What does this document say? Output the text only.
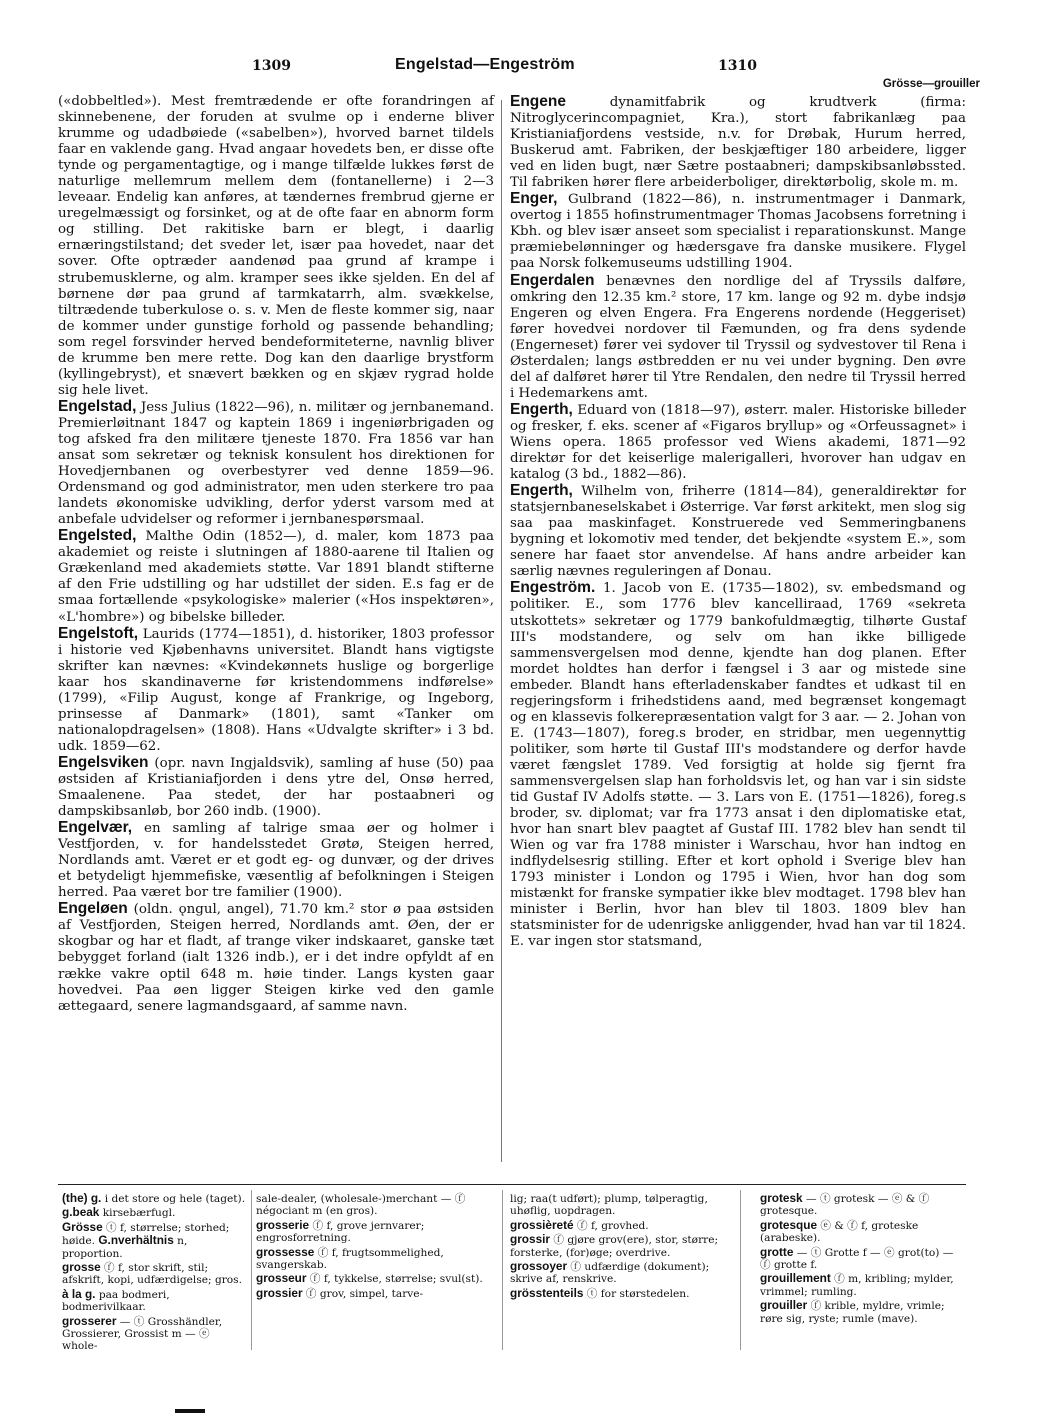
1309	Engelstad—Engeström	1310
Grösse—grouiller

(«dobbeltled»). Mest fremtrædende er ofte forandringen af skinnebenene, der foruden at svulme op i enderne bliver krumme og udadbøiede («sabelben»), hvorved barnet tildels faar en vaklende gang. Hvad angaar hovedets ben, er disse ofte tynde og pergamentagtige, og i mange tilfælde lukkes først de naturlige mellemrum mellem dem (fontanellerne) i 2—3 leveaar. Endelig kan anføres, at tændernes frembrud gjerne er uregelmæssigt og forsinket, og at de ofte faar en abnorm form og stilling. Det rakitiske barn er blegt, i daarlig ernæringstilstand; det sveder let, især paa hovedet, naar det sover. Ofte optræder aandenød paa grund af krampe i strubemusklerne, og alm. kramper sees ikke sjelden. En del af børnene dør paa grund af tarmkatarrh, alm. svækkelse, tiltrædende tuberkulose o. s. v. Men de fleste kommer sig, naar de kommer under gunstige forhold og passende behandling; som regel forsvinder herved bendeformiteterne, navnlig bliver de krumme ben mere rette. Dog kan den daarlige brystform (kyllingebryst), et snævert bækken og en skjæv rygrad holde sig hele livet.

Engelstad, Jess Julius (1822—96), n. militær og jernbanemand. Premierløitnant 1847 og kaptein 1869 i ingeniørbrigaden og tog afsked fra den militære tjeneste 1870. Fra 1856 var han ansat som sekretær og teknisk konsulent hos direktionen for Hovedjernbanen og overbestyrer ved denne 1859—96. Ordensmand og god administrator, men uden sterkere tro paa landets økonomiske udvikling, derfor yderst varsom med at anbefale udvidelser og reformer i jernbanespørsmaal.

Engelsted, Malthe Odin (1852—), d. maler, kom 1873 paa akademiet og reiste i slutningen af 1880-aarene til Italien og Grækenland med akademiets støtte. Var 1891 blandt stifterne af den Frie udstilling og har udstillet der siden. E.s fag er de smaa fortællende «psykologiske» malerier («Hos inspektøren», «L'hombre») og bibelske billeder.

Engelstoft, Laurids (1774—1851), d. historiker, 1803 professor i historie ved Kjøbenhavns universitet. Blandt hans vigtigste skrifter kan nævnes: «Kvindekønnets huslige og borgerlige kaar hos skandinaverne før kristendommens indførelse» (1799), «Filip August, konge af Frankrige, og Ingeborg, prinsesse af Danmark» (1801), samt «Tanker om nationalopdragelsen» (1808). Hans «Udvalgte skrifter» i 3 bd. udk. 1859—62.

Engelsviken (opr. navn Ingjaldsvik), samling af huse (50) paa østsiden af Kristianiafjorden i dens ytre del, Onsø herred, Smaalenene. Paa stedet, der har postaabneri og dampskibsanløb, bor 260 indb. (1900).

Engelvær, en samling af talrige smaa øer og holmer i Vestfjorden, v. for handelsstedet Grøtø, Steigen herred, Nordlands amt. Været er et godt eg- og dunvær, og der drives et betydeligt hjemmefiske, væsentlig af befolkningen i Steigen herred. Paa været bor tre familier (1900).

Engeløen (oldn. ǫngul, angel), 71.70 km.² stor ø paa østsiden af Vestfjorden, Steigen herred, Nordlands amt. Øen, der er skogbar og har et fladt, af trange viker indskaaret, ganske tæt bebygget forland (ialt 1326 indb.), er i det indre opfyldt af en række vakre optil 648 m. høie tinder. Langs kysten gaar hovedvei. Paa øen ligger Steigen kirke ved den gamle ættegaard, senere lagmandsgaard, af samme navn.

Engene dynamitfabrik og krudtverk (firma: Nitroglycerincompagniet, Kra.), stort fabrikanlæg paa Kristianiafjordens vestside, n.v. for Drøbak, Hurum herred, Buskerud amt. Fabriken, der beskjæftiger 180 arbeidere, ligger ved en liden bugt, nær Sætre postaabneri; dampskibsanløbssted. Til fabriken hører flere arbeiderboliger, direktørbolig, skole m. m.

Enger, Gulbrand (1822—86), n. instrumentmager i Danmark, overtog i 1855 hofinstrumentmager Thomas Jacobsens forretning i Kbh. og blev især anseet som specialist i reparationskunst. Mange præmiebelønninger og hædersgave fra danske musikere. Flygel paa Norsk folkemuseums udstilling 1904.

Engerdalen benævnes den nordlige del af Tryssils dalføre, omkring den 12.35 km.² store, 17 km. lange og 92 m. dybe indsjø Engeren og elven Engera. Fra Engerens nordende (Heggeriset) fører hovedvei nordover til Fæmunden, og fra dens sydende (Engerneset) fører vei sydover til Tryssil og sydvestover til Rena i Østerdalen; langs østbredden er nu vei under bygning. Den øvre del af dalføret hører til Ytre Rendalen, den nedre til Tryssil herred i Hedemarkens amt.

Engerth, Eduard von (1818—97), østerr. maler. Historiske billeder og fresker, f. eks. scener af «Figaros bryllup» og «Orfeussagnet» i Wiens opera. 1865 professor ved Wiens akademi, 1871—92 direktør for det keiserlige malerigalleri, hvorover han udgav en katalog (3 bd., 1882—86).

Engerth, Wilhelm von, friherre (1814—84), generaldirektør for statsjernbaneselskabet i Østerrige. Var først arkitekt, men slog sig saa paa maskinfaget. Konstruerede ved Semmeringbanens bygning et lokomotiv med tender, det bekjendte «system E.», som senere har faaet stor anvendelse. Af hans andre arbeider kan særlig nævnes reguleringen af Donau.

Engeström. 1. Jacob von E. (1735—1802), sv. embedsmand og politiker. E., som 1776 blev kancelliraad, 1769 «sekreta utskottets» sekretær og 1779 bankofuldmægtig, tilhørte Gustaf III's modstandere, og selv om han ikke billigede sammensvergelsen mod denne, kjendte han dog planen. Efter mordet holdtes han derfor i fængsel i 3 aar og mistede sine embeder. Blandt hans efterladenskaber fandtes et udkast til en regjeringsform i frihedstidens aand, med begrænset kongemagt og en klassevis folkerepræsentation valgt for 3 aar. — 2. Johan von E. (1743—1807), foreg.s broder, en stridbar, men uegennyttig politiker, som hørte til Gustaf III's modstandere og derfor havde været fængslet 1789. Ved forsigtig at holde sig fjernt fra sammensvergelsen slap han forholdsvis let, og han var i sin sidste tid Gustaf IV Adolfs støtte. — 3. Lars von E. (1751—1826), foreg.s broder, sv. diplomat; var fra 1773 ansat i den diplomatiske etat, hvor han snart blev paagtet af Gustaf III. 1782 blev han sendt til Wien og var fra 1788 minister i Warschau, hvor han indtog en indflydelsesrig stilling. Efter et kort ophold i Sverige blev han 1793 minister i London og 1795 i Wien, hvor han dog som mistænkt for franske sympatier ikke blev modtaget. 1798 blev han minister i Berlin, hvor han blev til 1803. 1809 blev han statsminister for de udenrigske anliggender, hvad han var til 1824. E. var ingen stor statsmand,

(the) g. i det store og hele (taget).

g.beak kirsebærfugl.

Grösse ⓣ f, størrelse; storhed; høide. G.nverhältnis n, proportion.

grosse ⓕ f, stor skrift, stil; afskrift, kopi, udfærdigelse; gros.

à la g. paa bodmeri, bodmerivilkaar.

grosserer — ⓣ Grosshändler, Grossierer, Grossist m — ⓔ whole-

sale-dealer, (wholesale-)merchant — ⓕ négociant m (en gros).

grosserie ⓕ f, grove jernvarer; engrosforretning.

grossesse ⓕ f, frugtsommelighed, svangerskab.

grosseur ⓕ f, tykkelse, størrelse; svul(st).

grossier ⓕ grov, simpel, tarve-

lig; raa(t udført); plump, tølperagtig, uhøflig, uopdragen.

grossièreté ⓕ f, grovhed.

grossir ⓕ gjøre grov(ere), stor, større; forsterke, (for)øge; overdrive.

grossoyer ⓕ udfærdige (dokument); skrive af, renskrive.

grösstenteils ⓣ for størstedelen.

grotesk — ⓣ grotesk — ⓔ & ⓕ grotesque.

grotesque ⓔ & ⓕ f, groteske (arabeske).

grotte — ⓣ Grotte f — ⓔ grot(to) — ⓕ grotte f.

grouillement ⓕ m, kribling; mylder, vrimmel; rumling.

grouiller ⓕ krible, myldre, vrimle; røre sig, ryste; rumle (mave).
